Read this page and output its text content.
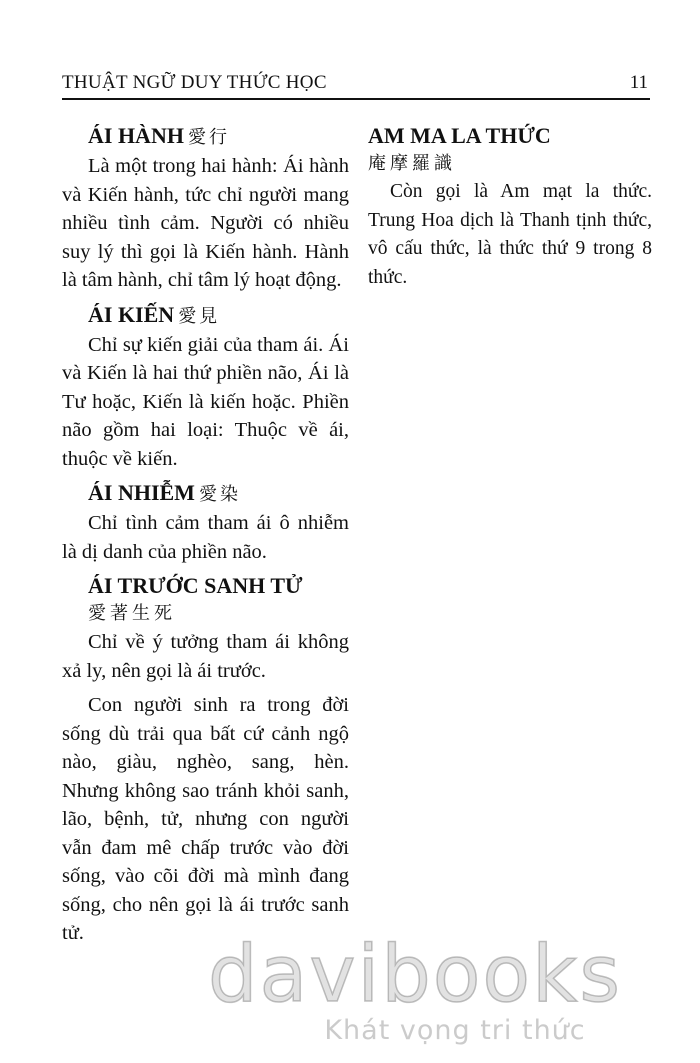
THUẬT NGỮ DUY THỨC HỌC	11
ÁI HÀNH 愛行

Là một trong hai hành: Ái hành và Kiến hành, tức chỉ người mang nhiều tình cảm. Người có nhiều suy lý thì gọi là Kiến hành. Hành là tâm hành, chỉ tâm lý hoạt động.

ÁI KIẾN 愛見

Chỉ sự kiến giải của tham ái. Ái và Kiến là hai thứ phiền não, Ái là Tư hoặc, Kiến là kiến hoặc. Phiền não gồm hai loại: Thuộc về ái, thuộc về kiến.

ÁI NHIỄM 愛染

Chỉ tình cảm tham ái ô nhiễm là dị danh của phiền não.

ÁI TRƯỚC SANH TỬ
愛著生死

Chỉ về ý tưởng tham ái không xả ly, nên gọi là ái trước.

Con người sinh ra trong đời sống dù trải qua bất cứ cảnh ngộ nào, giàu, nghèo, sang, hèn. Nhưng không sao tránh khỏi sanh, lão, bệnh, tử, nhưng con người vẫn đam mê chấp trước vào đời sống, vào cõi đời mà mình đang sống, cho nên gọi là ái trước sanh tử.

AM MA LA THỨC
庵摩羅識

Còn gọi là Am mạt la thức. Trung Hoa dịch là Thanh tịnh thức, vô cấu thức, là thức thứ 9 trong 8 thức.

davibooks
Khát vọng tri thức
